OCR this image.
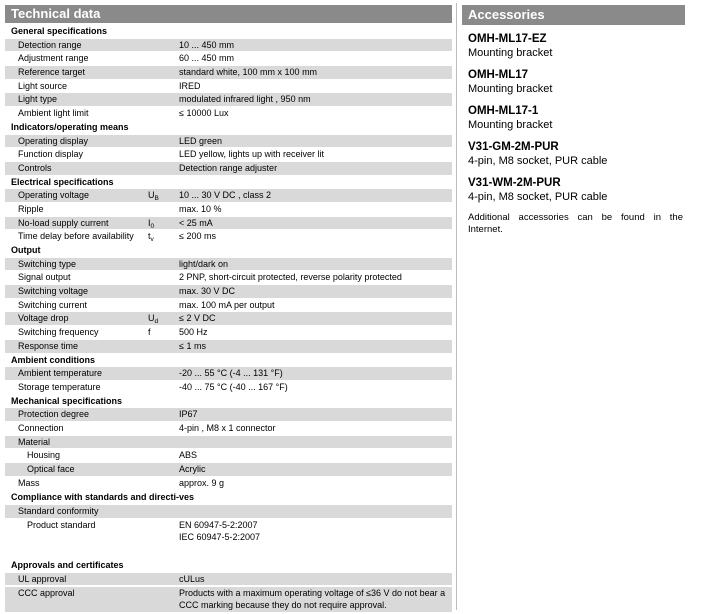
Technical data
General specifications
Detection range	10 ... 450 mm
Adjustment range	60 ... 450 mm
Reference target	standard white, 100 mm x 100 mm
Light source	IRED
Light type	modulated infrared light , 950 nm
Ambient light limit	≤ 10000 Lux
Indicators/operating means
Operating display	LED green
Function display	LED yellow, lights up with receiver lit
Controls	Detection range adjuster
Electrical specifications
Operating voltage	$U_B$	10 ... 30 V DC , class 2
Ripple	max. 10 %
No-load supply current	$I_0$	< 25 mA
Time delay before availability	$t_v$	≤ 200 ms
Output
Switching type	light/dark on
Signal output	2 PNP, short-circuit protected, reverse polarity protected
Switching voltage	max. 30 V DC
Switching current	max. 100 mA per output
Voltage drop	$U_d$	≤ 2 V DC
Switching frequency	f	500 Hz
Response time	≤ 1 ms
Ambient conditions
Ambient temperature	-20 ... 55 °C (-4 ... 131 °F)
Storage temperature	-40 ... 75 °C (-40 ... 167 °F)
Mechanical specifications
Protection degree	IP67
Connection	4-pin , M8 x 1 connector
Material
Housing	ABS
Optical face	Acrylic
Mass	approx. 9 g
Compliance with standards and directi-ves
Standard conformity
Product standard	EN 60947-5-2:2007
IEC 60947-5-2:2007
Approvals and certificates
UL approval	cULus
CCC approval	Products with a maximum operating voltage of ≤36 V do not bear a CCC marking because they do not require approval.
Accessories
OMH-ML17-EZ
Mounting bracket
OMH-ML17
Mounting bracket
OMH-ML17-1
Mounting bracket
V31-GM-2M-PUR
4-pin, M8 socket, PUR cable
V31-WM-2M-PUR
4-pin, M8 socket, PUR cable
Additional accessories can be found in the Internet.
